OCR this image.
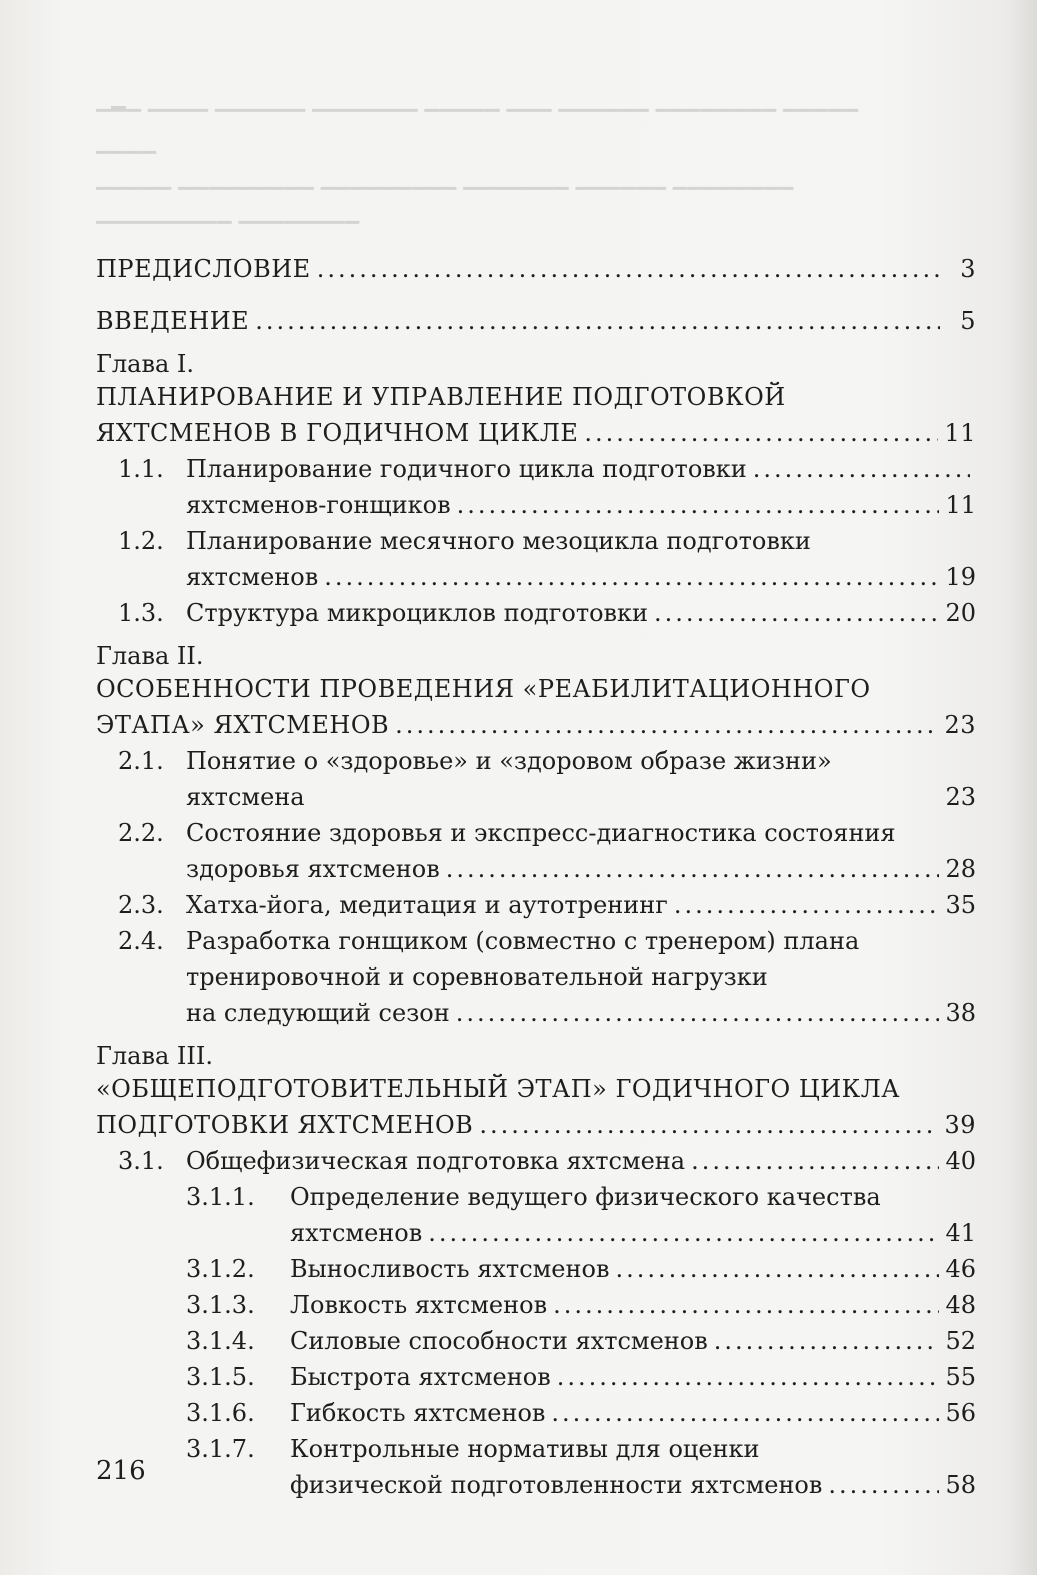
▁▂▁ ▁▁▁▁ ▁▁▁▁▁▁ ▁▁▁▁▁▁▁ ▁▁▁▁▁ ▁▁▁ ▁▁▁▁▁▁ ▁▁▁▁▁▁▁▁ ▁▁▁▁▁
▁▁▁▁
▁▁▁▁▁ ▁▁▁▁▁▁▁▁▁ ▁▁▁▁▁▁▁▁▁ ▁▁▁▁▁▁▁ ▁▁▁▁▁▁ ▁▁▁▁▁▁▁▁
▁▁▁▁▁▁▁▁▁ ▁▁▁▁▁▁▁▁
ПРЕДИСЛОВИЕ .....	3
ВВЕДЕНИЕ .....	5
Глава I.
ПЛАНИРОВАНИЕ И УПРАВЛЕНИЕ ПОДГОТОВКОЙ
ЯХТСМЕНОВ В ГОДИЧНОМ ЦИКЛЕ .....	11
1.1. Планирование годичного цикла подготовки
.....
яхтсменов-гонщиков .....	11
1.2. Планирование месячного мезоцикла подготовки
яхтсменов .....	19
1.3. Структура микроциклов подготовки .....	20
Глава II.
ОСОБЕННОСТИ ПРОВЕДЕНИЯ «РЕАБИЛИТАЦИОННОГО
ЭТАПА» ЯХТСМЕНОВ .....	23
2.1. Понятие о «здоровье» и «здоровом образе жизни»
яхтсмена	23
2.2. Состояние здоровья и экспресс-диагностика состояния
здоровья яхтсменов .....	28
2.3. Хатха-йога, медитация и аутотренинг .....	35
2.4. Разработка гонщиком (совместно с тренером) плана
тренировочной и соревновательной нагрузки
на следующий сезон .....	38
Глава III.
«ОБЩЕПОДГОТОВИТЕЛЬНЫЙ ЭТАП» ГОДИЧНОГО ЦИКЛА
ПОДГОТОВКИ ЯХТСМЕНОВ .....	39
3.1. Общефизическая подготовка яхтсмена .....	40
3.1.1.	Определение ведущего физического качества
яхтсменов .....	41
3.1.2.	Выносливость яхтсменов .....	46
3.1.3.	Ловкость яхтсменов .....	48
3.1.4.	Силовые способности яхтсменов .....	52
3.1.5.	Быстрота яхтсменов .....	55
3.1.6.	Гибкость яхтсменов .....	56
3.1.7.	Контрольные нормативы для оценки
физической подготовленности яхтсменов .....	58
216
